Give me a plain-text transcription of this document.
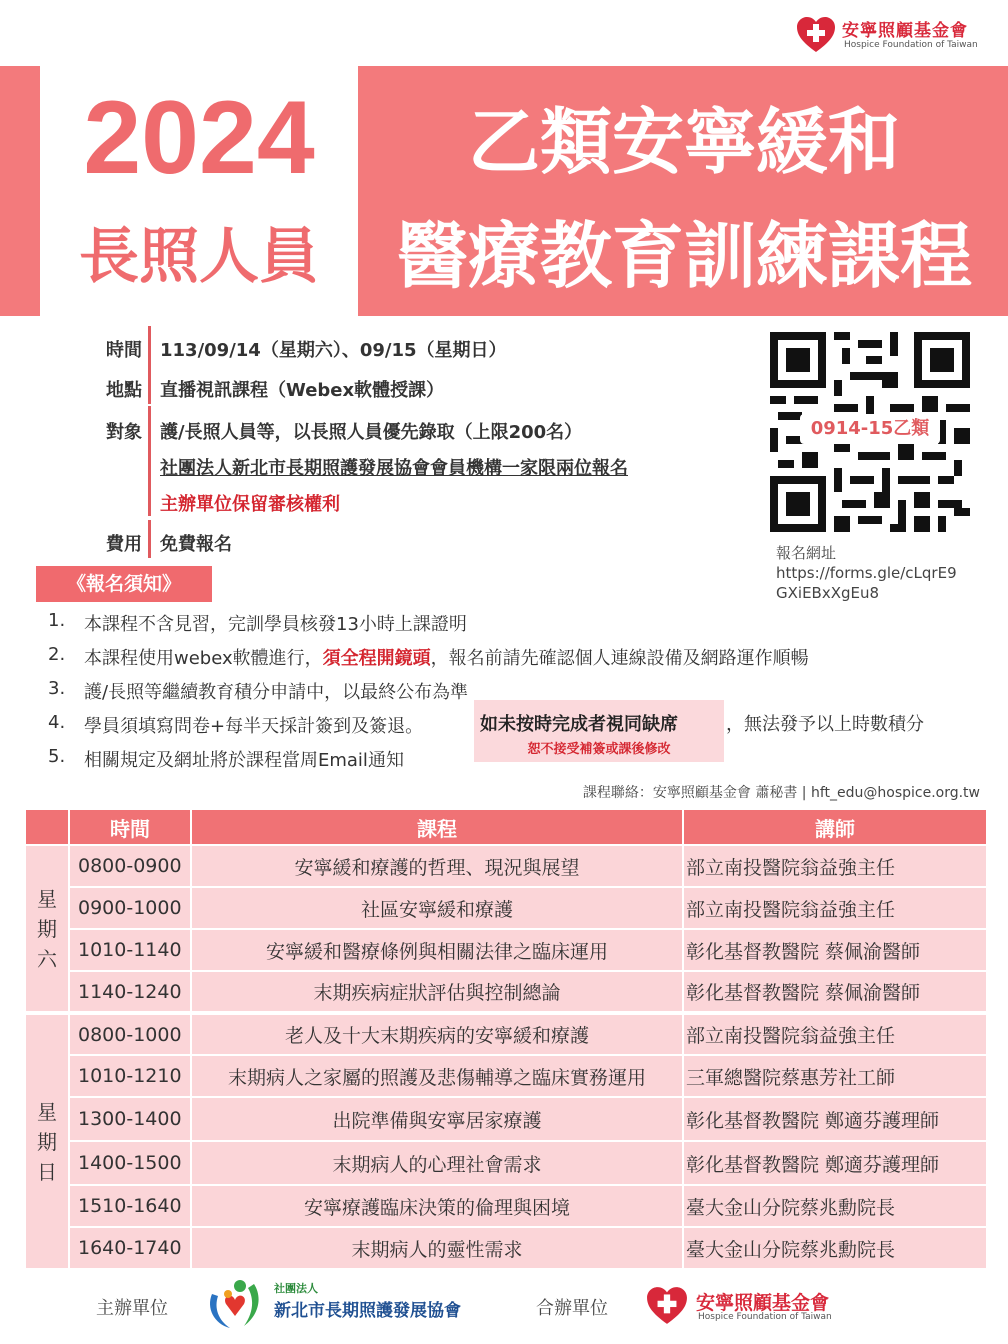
安寧照顧基金會
Hospice Foundation of Taiwan
2024
長照人員
乙類安寧緩和
醫療教育訓練課程
時間 113/09/14（星期六）、09/15（星期日）
地點 直播視訊課程（Webex軟體授課）
對象 護/長照人員等，以長照人員優先錄取（上限200名）
社團法人新北市長期照護發展協會會員機構一家限兩位報名
主辦單位保留審核權利
費用 免費報名
0914-15乙類
報名網址
https://forms.gle/cLqrE9
GXiEBxXgEu8
《報名須知》
1. 本課程不含見習，完訓學員核發13小時上課證明
2. 本課程使用webex軟體進行，須全程開鏡頭，報名前請先確認個人連線設備及網路運作順暢
3. 護/長照等繼續教育積分申請中，以最終公布為準
4. 學員須填寫問卷+每半天採計簽到及簽退。	如未按時完成者視同缺席
恕不接受補簽或課後修改
，無法發予以上時數積分
5. 相關規定及網址將於課程當周Email通知
課程聯絡：安寧照顧基金會 蕭秘書 | hft_edu@hospice.org.tw
	時間	課程	講師
星
期
六	0800-0900	安寧緩和療護的哲理、現況與展望	部立南投醫院翁益強主任
	0900-1000	社區安寧緩和療護	部立南投醫院翁益強主任
	1010-1140	安寧緩和醫療條例與相關法律之臨床運用	彰化基督教醫院 蔡佩渝醫師
	1140-1240	末期疾病症狀評估與控制總論	彰化基督教醫院 蔡佩渝醫師
星
期
日	0800-1000	老人及十大末期疾病的安寧緩和療護	部立南投醫院翁益強主任
	1010-1210	末期病人之家屬的照護及悲傷輔導之臨床實務運用	三軍總醫院蔡惠芳社工師
	1300-1400	出院準備與安寧居家療護	彰化基督教醫院 鄭適芬護理師
	1400-1500	末期病人的心理社會需求	彰化基督教醫院 鄭適芬護理師
	1510-1640	安寧療護臨床決策的倫理與困境	臺大金山分院蔡兆勳院長
	1640-1740	末期病人的靈性需求	臺大金山分院蔡兆勳院長
主辦單位
社團法人
新北市長期照護發展協會	合辦單位	安寧照顧基金會
Hospice Foundation of Taiwan
